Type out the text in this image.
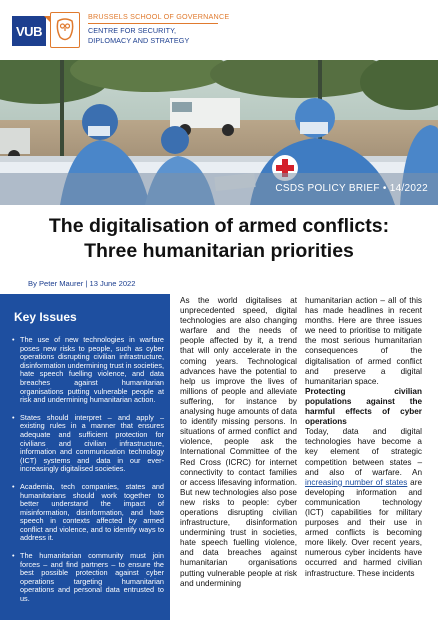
VUB
BRUSSELS SCHOOL OF GOVERNANCE
CENTRE FOR SECURITY,
DIPLOMACY AND STRATEGY
CSDS POLICY BRIEF • 14/2022
The digitalisation of armed conflicts:
Three humanitarian priorities
By Peter Maurer | 13 June 2022
Key Issues
• The use of new technologies in warfare poses new risks to people, such as cyber operations disrupting civilian infrastructure, disinformation undermining trust in societies, hate speech fuelling violence, and data breaches against humanitarian organisations putting vulnerable people at risk and undermining humanitarian action.
• States should interpret – and apply – existing rules in a manner that ensures adequate and sufficient protection for civilians and civilian infrastructure, information and communication technology (ICT) systems and data in our ever-increasingly digitalised societies.
• Academia, tech companies, states and humanitarians should work together to better understand the impact of misinformation, disinformation, and hate speech in contexts affected by armed conflict and violence, and to identify ways to address it.
• The humanitarian community must join forces – and find partners – to ensure the best possible protection against cyber operations targeting humanitarian operations and personal data entrusted to us.

As the world digitalises at unprecedented speed, digital technologies are also changing warfare and the needs of people affected by it, a trend that will only accelerate in the coming years. Technological advances have the potential to help us improve the lives of millions of people and alleviate suffering, for instance by analysing huge amounts of data to identify missing persons. In situations of armed conflict and violence, people ask the International Committee of the Red Cross (ICRC) for internet connectivity to contact families or access lifesaving information. But new technologies also pose new risks to people: cyber operations disrupting civilian infrastructure, disinformation undermining trust in societies, hate speech fuelling violence, and data breaches against humanitarian organisations putting vulnerable people at risk and undermining

humanitarian action – all of this has made headlines in recent months. Here are three issues we need to prioritise to mitigate the most serious humanitarian consequences of the digitalisation of armed conflict and preserve a digital humanitarian space.

Protecting civilian populations against the harmful effects of cyber operations

Today, data and digital technologies have become a key element of strategic competition between states – and also of warfare. An increasing number of states are developing information and communication technology (ICT) capabilities for military purposes and their use in armed conflicts is becoming more likely. Over recent years, numerous cyber incidents have occurred and harmed civilian infrastructure. These incidents
